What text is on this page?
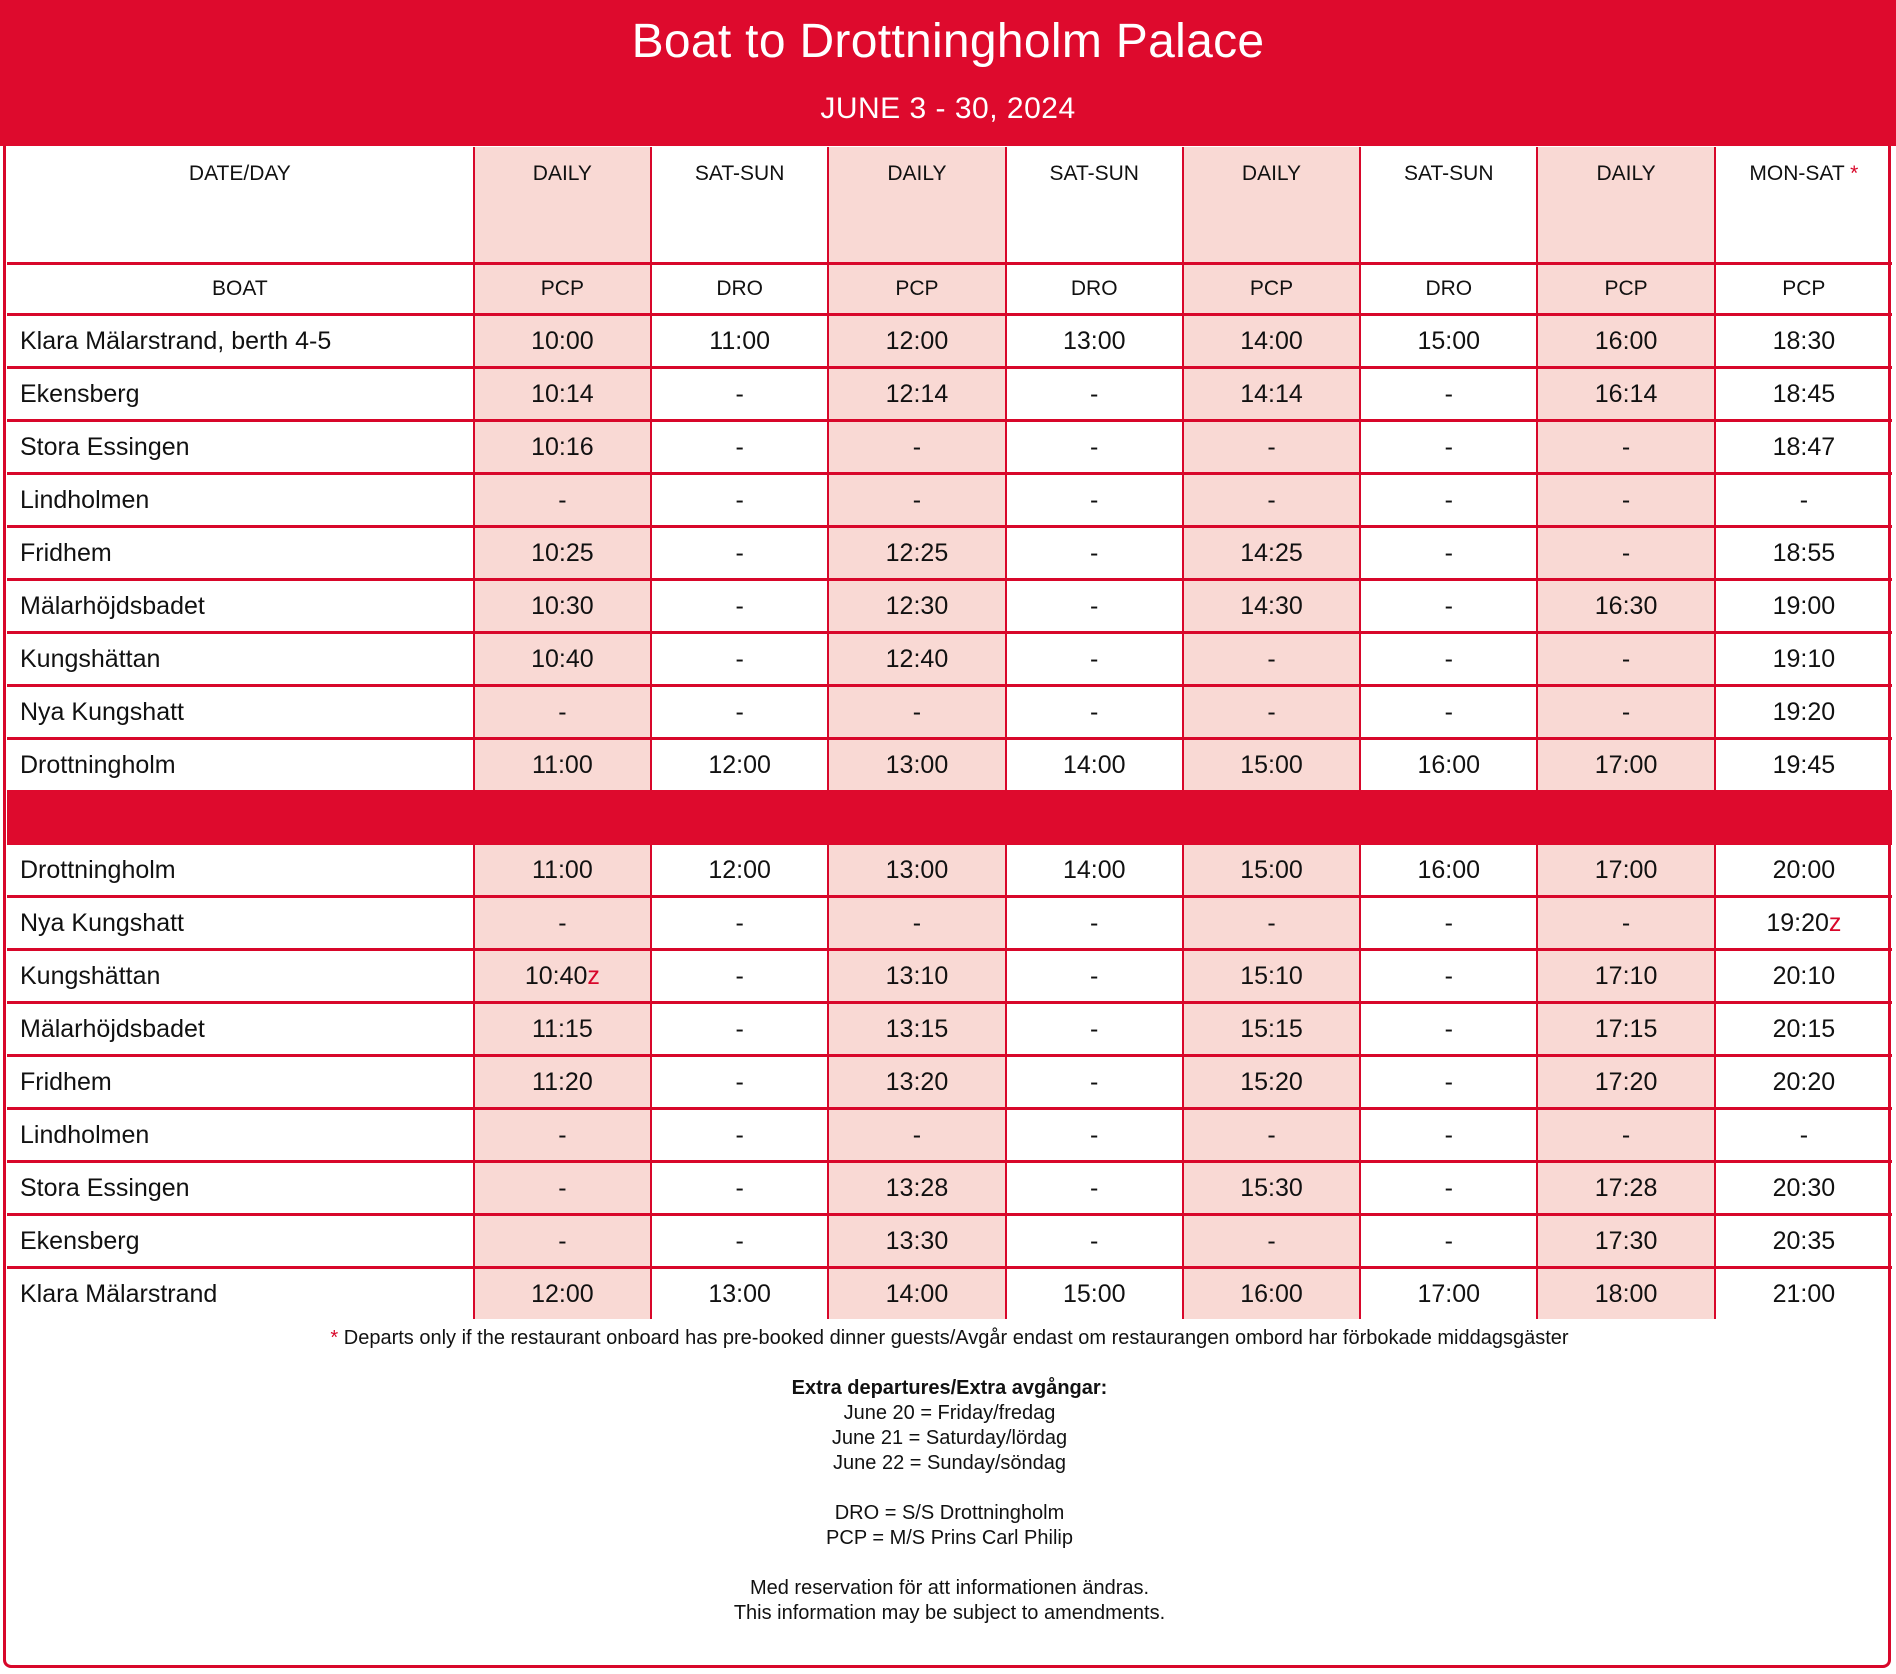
Boat to Drottningholm Palace
JUNE 3 - 30, 2024
DATE/DAY	DAILY	SAT-SUN	DAILY	SAT-SUN	DAILY	SAT-SUN	DAILY	MON-SAT *
BOAT	PCP	DRO	PCP	DRO	PCP	DRO	PCP	PCP
Klara Mälarstrand, berth 4-5	10:00	11:00	12:00	13:00	14:00	15:00	16:00	18:30
Ekensberg	10:14	-	12:14	-	14:14	-	16:14	18:45
Stora Essingen	10:16	-	-	-	-	-	-	18:47
Lindholmen	-	-	-	-	-	-	-	-
Fridhem	10:25	-	12:25	-	14:25	-	-	18:55
Mälarhöjdsbadet	10:30	-	12:30	-	14:30	-	16:30	19:00
Kungshättan	10:40	-	12:40	-	-	-	-	19:10
Nya Kungshatt	-	-	-	-	-	-	-	19:20
Drottningholm	11:00	12:00	13:00	14:00	15:00	16:00	17:00	19:45

Drottningholm	11:00	12:00	13:00	14:00	15:00	16:00	17:00	20:00
Nya Kungshatt	-	-	-	-	-	-	-	19:20z
Kungshättan	10:40z	-	13:10	-	15:10	-	17:10	20:10
Mälarhöjdsbadet	11:15	-	13:15	-	15:15	-	17:15	20:15
Fridhem	11:20	-	13:20	-	15:20	-	17:20	20:20
Lindholmen	-	-	-	-	-	-	-	-
Stora Essingen	-	-	13:28	-	15:30	-	17:28	20:30
Ekensberg	-	-	13:30	-	-	-	17:30	20:35
Klara Mälarstrand	12:00	13:00	14:00	15:00	16:00	17:00	18:00	21:00
* Departs only if the restaurant onboard has pre-booked dinner guests/Avgår endast om restaurangen ombord har förbokade middagsgäster
Extra departures/Extra avgångar:
June 20 = Friday/fredag
June 21 = Saturday/lördag
June 22 = Sunday/söndag
DRO = S/S Drottningholm
PCP = M/S Prins Carl Philip
Med reservation för att informationen ändras.
This information may be subject to amendments.
